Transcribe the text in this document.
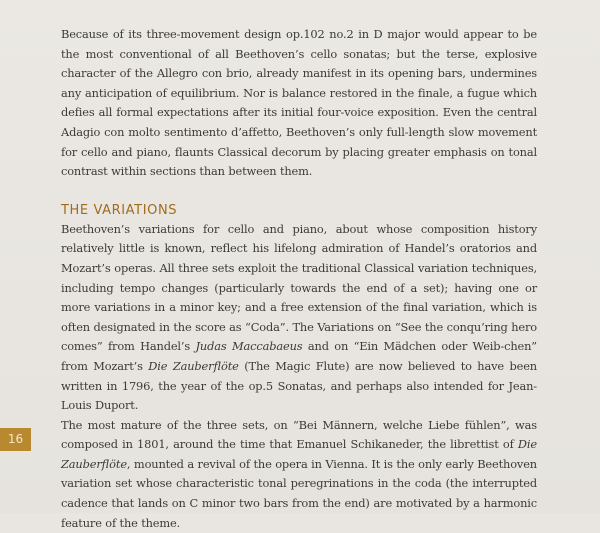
Because of its three-movement design op.102 no.2 in D major would appear to be the most conventional of all Beethoven’s cello sonatas; but the terse, explosive character of the Allegro con brio, already manifest in its opening bars, undermines any anticipation of equilibrium. Nor is balance restored in the finale, a fugue which defies all formal expectations after its initial four-voice exposition. Even the central Adagio con molto sentimento d’affetto, Beethoven’s only full-length slow movement for cello and piano, flaunts Classical decorum by placing greater emphasis on tonal contrast within sections than between them.

THE VARIATIONS

Beethoven’s variations for cello and piano, about whose composition history relatively little is known, reflect his lifelong admiration of Handel’s oratorios and Mozart’s operas. All three sets exploit the traditional Classical variation techniques, including tempo changes (particularly towards the end of a set); having one or more variations in a minor key; and a free extension of the final variation, which is often designated in the score as “Coda”. The Variations on “See the conqu’ring hero comes” from Handel’s Judas Maccabaeus and on “Ein Mädchen oder Weib-chen” from Mozart’s Die Zauberflöte (The Magic Flute) are now believed to have been written in 1796, the year of the op.5 Sonatas, and perhaps also intended for Jean-Louis Duport.

The most mature of the three sets, on “Bei Männern, welche Liebe fühlen”, was composed in 1801, around the time that Emanuel Schikaneder, the librettist of Die Zauberflöte, mounted a revival of the opera in Vienna. It is the only early Beethoven variation set whose characteristic tonal peregrinations in the coda (the interrupted cadence that lands on C minor two bars from the end) are motivated by a harmonic feature of the theme.

16
